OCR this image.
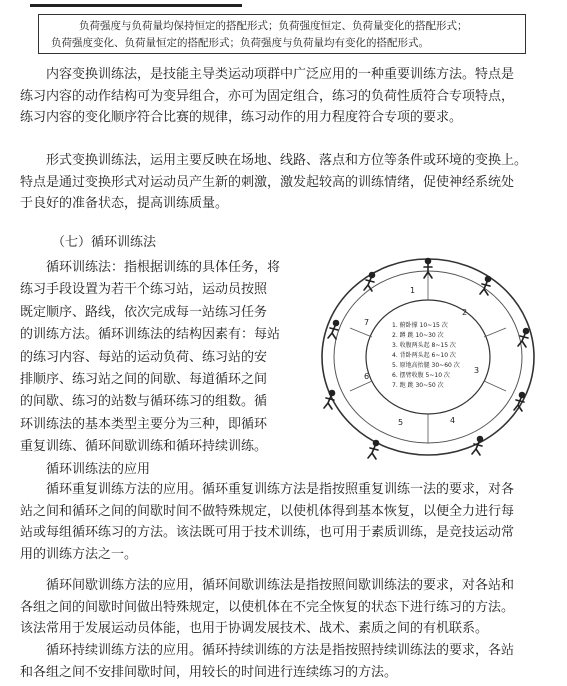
负荷强度与负荷量均保持恒定的搭配形式；负荷强度恒定、负荷量变化的搭配形式；
负荷强度变化、负荷量恒定的搭配形式；负荷强度与负荷量均有变化的搭配形式。
内容变换训练法，是技能主导类运动项群中广泛应用的一种重要训练方法。特点是
练习内容的动作结构可为变异组合，亦可为固定组合，练习的负荷性质符合专项特点，
练习内容的变化顺序符合比赛的规律，练习动作的用力程度符合专项的要求。
形式变换训练法，运用主要反映在场地、线路、落点和方位等条件或环境的变换上。
特点是通过变换形式对运动员产生新的刺激，激发起较高的训练情绪，促使神经系统处
于良好的准备状态，提高训练质量。
（七）循环训练法
循环训练法：指根据训练的具体任务，将
练习手段设置为若干个练习站，运动员按照
既定顺序、路线，依次完成每一站练习任务
的训练方法。循环训练法的结构因素有：每站
的练习内容、每站的运动负荷、练习站的安
排顺序、练习站之间的间歇、每道循环之间
的间歇、练习的站数与循环练习的组数。循
环训练法的基本类型主要分为三种，即循环
重复训练、循环间歇训练和循环持续训练。
循环训练法的应用
1. 俯卧撑 10~15 次
2. 蹲 跳 10~30 次
3. 收腹两头起 8~15 次
4. 背卧两头起 6~10 次
5. 原地高抬腿 30~60 次
6. 摆臂收腹 5~10 次
7. 跑 跳 30~50 次
1
2
3
4
5
6
7
循环重复训练方法的应用。循环重复训练方法是指按照重复训练一法的要求，对各
站之间和循环之间的间歇时间不做特殊规定，以使机体得到基本恢复，以便全力进行每
站或每组循环练习的方法。该法既可用于技术训练，也可用于素质训练，是竞技运动常
用的训练方法之一。
循环间歇训练方法的应用，循环间歇训练法是指按照间歇训练法的要求，对各站和
各组之间的间歇时间做出特殊规定，以使机体在不完全恢复的状态下进行练习的方法。
该法常用于发展运动员体能，也用于协调发展技术、战术、素质之间的有机联系。
循环持续训练方法的应用。循环持续训练的方法是指按照持续训练法的要求，各站
和各组之间不安排间歇时间，用较长的时间进行连续练习的方法。
